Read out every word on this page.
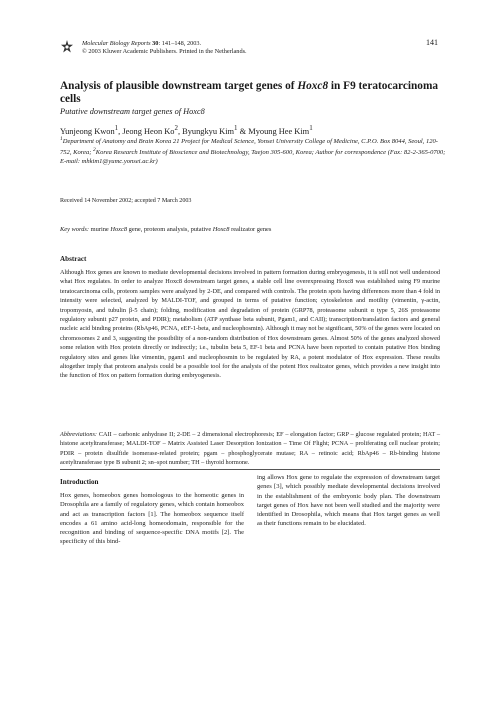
Molecular Biology Reports 30: 141–148, 2003.
© 2003 Kluwer Academic Publishers. Printed in the Netherlands.
141
Analysis of plausible downstream target genes of Hoxc8 in F9 teratocarcinoma cells
Putative downstream target genes of Hoxc8
Yunjeong Kwon$^1$, Jeong Heon Ko$^2$, Byungkyu Kim$^1$ & Myoung Hee Kim$^1$
$^1$Department of Anatomy and Brain Korea 21 Project for Medical Science, Yonsei University College of Medicine, C.P.O. Box 8044, Seoul, 120-752, Korea; $^2$Korea Research Institute of Bioscience and Biotechnology, Taejon 305-600, Korea; Author for correspondence (Fax: 82-2-365-0700; E-mail: mhkim1@yumc.yonsei.ac.kr)
Received 14 November 2002; accepted 7 March 2003
Key words: murine Hoxc8 gene, proteom analysis, putative Hoxc8 realizator genes
Abstract
Although Hox genes are known to mediate developmental decisions involved in pattern formation during embryogenesis, it is still not well understood what Hox regulates. In order to analyze Hoxc8 downstream target genes, a stable cell line overexpressing Hoxc8 was established using F9 murine teratocarcinoma cells, proteom samples were analyzed by 2-DE, and compared with controls. The protein spots having differences more than 4 fold in intensity were selected, analyzed by MALDI-TOF, and grouped in terms of putative function; cytoskeleton and motility (vimentin, γ-actin, tropomyosin, and tubulin β-5 chain); folding, modification and degradation of protein (GRP78, proteasome subunit α type 5, 26S proteasome regulatory subunit p27 protein, and PDIR); metabolism (ATP synthase beta subunit, Pgam1, and CAII); transcription/translation factors and general nucleic acid binding proteins (RbAp46, PCNA, eEF-1-beta, and nucleophosmin). Although it may not be significant, 50% of the genes were located on chromosomes 2 and 3, suggesting the possibility of a non-random distribution of Hox downstream genes. Almost 50% of the genes analyzed showed some relation with Hox protein directly or indirectly; i.e., tubulin beta 5, EF-1 beta and PCNA have been reported to contain putative Hox binding regulatory sites and genes like vimentin, pgam1 and nucleophosmin to be regulated by RA, a potent modulator of Hox expression. These results altogether imply that proteom analysis could be a possible tool for the analysis of the potent Hox realizator genes, which provides a new insight into the function of Hox on pattern formation during embryogenesis.
Abbreviations: CAII – carbonic anhydrase II; 2-DE – 2 dimensional electrophoresis; EF – elongation factor; GRP – glucose regulated protein; HAT – histone acetyltransferase; MALDI-TOF – Matrix Assisted Laser Desorption Ionization – Time Of Flight; PCNA – proliferating cell nuclear protein; PDIR – protein disulfide isomerase-related protein; pgam – phosphoglycerate mutase; RA – retinoic acid; RbAp46 – Rb-binding histone acetyltransferase type B subunit 2; sn–spot number; TH – thyroid hormone.
Introduction
Hox genes, homeobox genes homologous to the homeotic genes in Drosophila are a family of regulatory genes, which contain homeobox and act as transcription factors [1]. The homeobox sequence itself encodes a 61 amino acid-long homeodomain, responsible for the recognition and binding of sequence-specific DNA motifs [2]. The specificity of this bind-
ing allows Hox gene to regulate the expression of downstream target genes [3], which possibly mediate developmental decisions involved in the establishment of the embryonic body plan. The downstream target genes of Hox have not been well studied and the majority were identified in Drosophila, which means that Hox target genes as well as their functions remain to be elucidated.
